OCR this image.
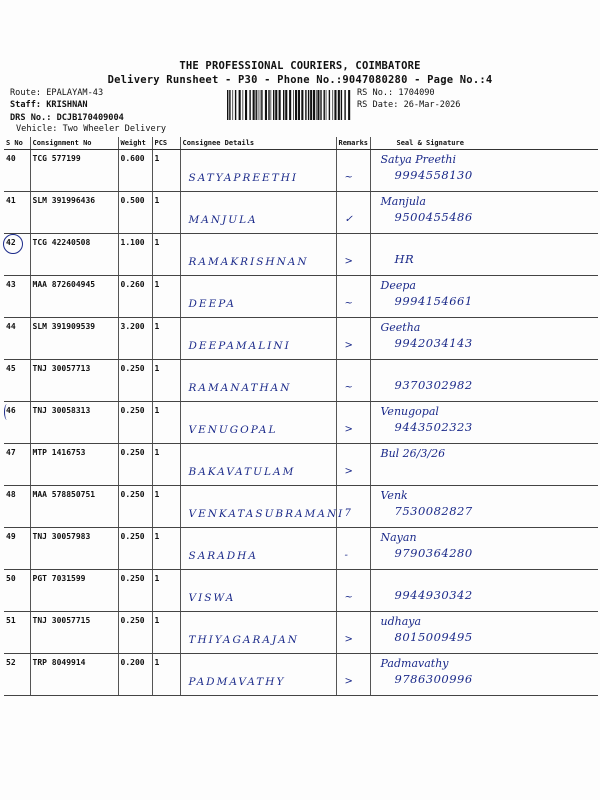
THE PROFESSIONAL COURIERS, COIMBATORE
Delivery Runsheet - P30 - Phone No.:9047080280 - Page No.:4
Route: EPALAYAM-43
Staff: KRISHNAN
DRS No.: DCJB170409004
Vehicle: Two Wheeler Delivery
RS No.: 1704090
RS Date: 26-Mar-2026
S No	Consignment No	Weight	PCS	Consignee Details	Remarks	Seal & Signature
40	TCG 577199	0.600	1	SATYAPREETHI	~	Satya Preethi
9994558130

41	SLM 391996436	0.500	1	MANJULA	✓	Manjula
9500455486

42	TCG 42240508	1.100	1	RAMAKRISHNAN	>	HR

43	MAA 872604945	0.260	1	DEEPA	~	Deepa
9994154661

44	SLM 391909539	3.200	1	DEEPAMALINI	>	Geetha
9942034143

45	TNJ 30057713	0.250	1	RAMANATHAN	~	9370302982

46	TNJ 30058313	0.250	1	VENUGOPAL	>	Venugopal
9443502323

47	MTP 1416753	0.250	1	BAKAVATULAM	>	Bul 26/3/26

48	MAA 578850751	0.250	1	VENKATASUBRAMANI	7	Venk
7530082827

49	TNJ 30057983	0.250	1	SARADHA	-	Nayan
9790364280

50	PGT 7031599	0.250	1	VISWA	~	9944930342

51	TNJ 30057715	0.250	1	THIYAGARAJAN	>	udhaya
8015009495

52	TRP 8049914	0.200	1	PADMAVATHY	>	Padmavathy
9786300996
